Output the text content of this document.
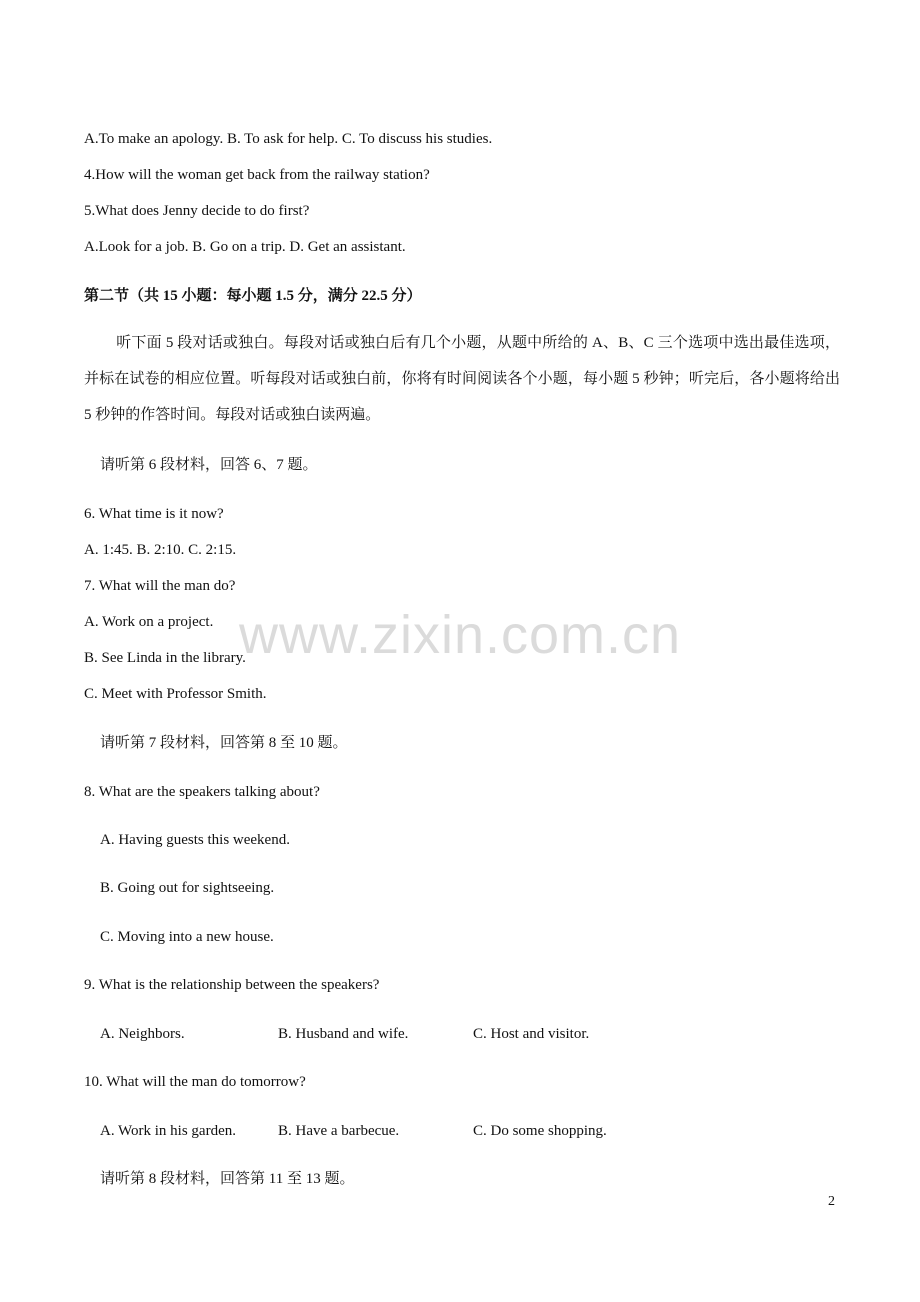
A.To make an apology. B. To ask for help. C. To discuss his studies.
4.How will the woman get back from the railway station?
5.What does Jenny decide to do first?
A.Look for a job. B. Go on a trip. D. Get an assistant.
第二节（共 15 小题：每小题 1.5 分，满分 22.5 分）
听下面 5 段对话或独白。每段对话或独白后有几个小题，从题中所给的 A、B、C 三个选项中选出最佳选项，并标在试卷的相应位置。听每段对话或独白前，你将有时间阅读各个小题，每小题 5 秒钟；听完后，各小题将给出 5 秒钟的作答时间。每段对话或独白读两遍。
请听第 6 段材料，回答 6、7 题。
6. What time is it now?
A. 1:45. B. 2:10. C. 2:15.
7. What will the man do?
A. Work on a project.
B. See Linda in the library.
C. Meet with Professor Smith.
请听第 7 段材料，回答第 8 至 10 题。
8. What are the speakers talking about?
A. Having guests this weekend.
B. Going out for sightseeing.
C. Moving into a new house.
9. What is the relationship between the speakers?
A. Neighbors.	B. Husband and wife.	C. Host and visitor.
10. What will the man do tomorrow?
A. Work in his garden.	B. Have a barbecue.	C. Do some shopping.
请听第 8 段材料，回答第 11 至 13 题。
2
www.zixin.com.cn
